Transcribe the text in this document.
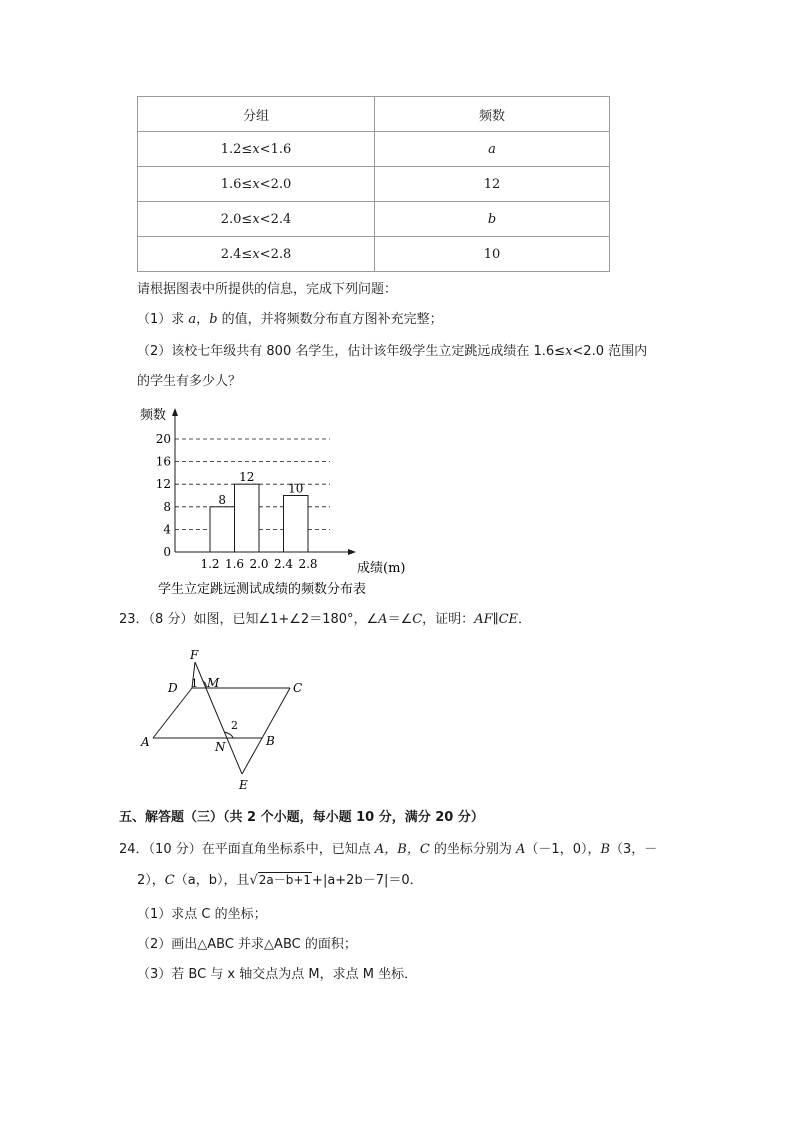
分组	频数
1.2≤x<1.6	a
1.6≤x<2.0	12
2.0≤x<2.4	b
2.4≤x<2.8	10
请根据图表中所提供的信息，完成下列问题：
（1）求 a，b 的值，并将频数分布直方图补充完整；
（2）该校七年级共有 800 名学生，估计该年级学生立定跳远成绩在 1.6≤x<2.0 范围内
的学生有多少人？
0
4
8
12
16
20
1.2 1.6 2.0 2.4 2.8
8
12
10
频数
成绩(m)
学生立定跳远测试成绩的频数分布表
23．（8 分）如图，已知∠1+∠2＝180°，∠A＝∠C，证明：AF∥CE．
F
D 1 M	C
2
A	N	B
E
五、解答题（三）（共 2 个小题，每小题 10 分，满分 20 分）
24．（10 分）在平面直角坐标系中，已知点 A，B，C 的坐标分别为 A（－1，0），B（3，－
2），C（a，b），且√2a－b+1+|a+2b－7|＝0．
（1）求点 C 的坐标；
（2）画出△ABC 并求△ABC 的面积；
（3）若 BC 与 x 轴交点为点 M，求点 M 坐标．
